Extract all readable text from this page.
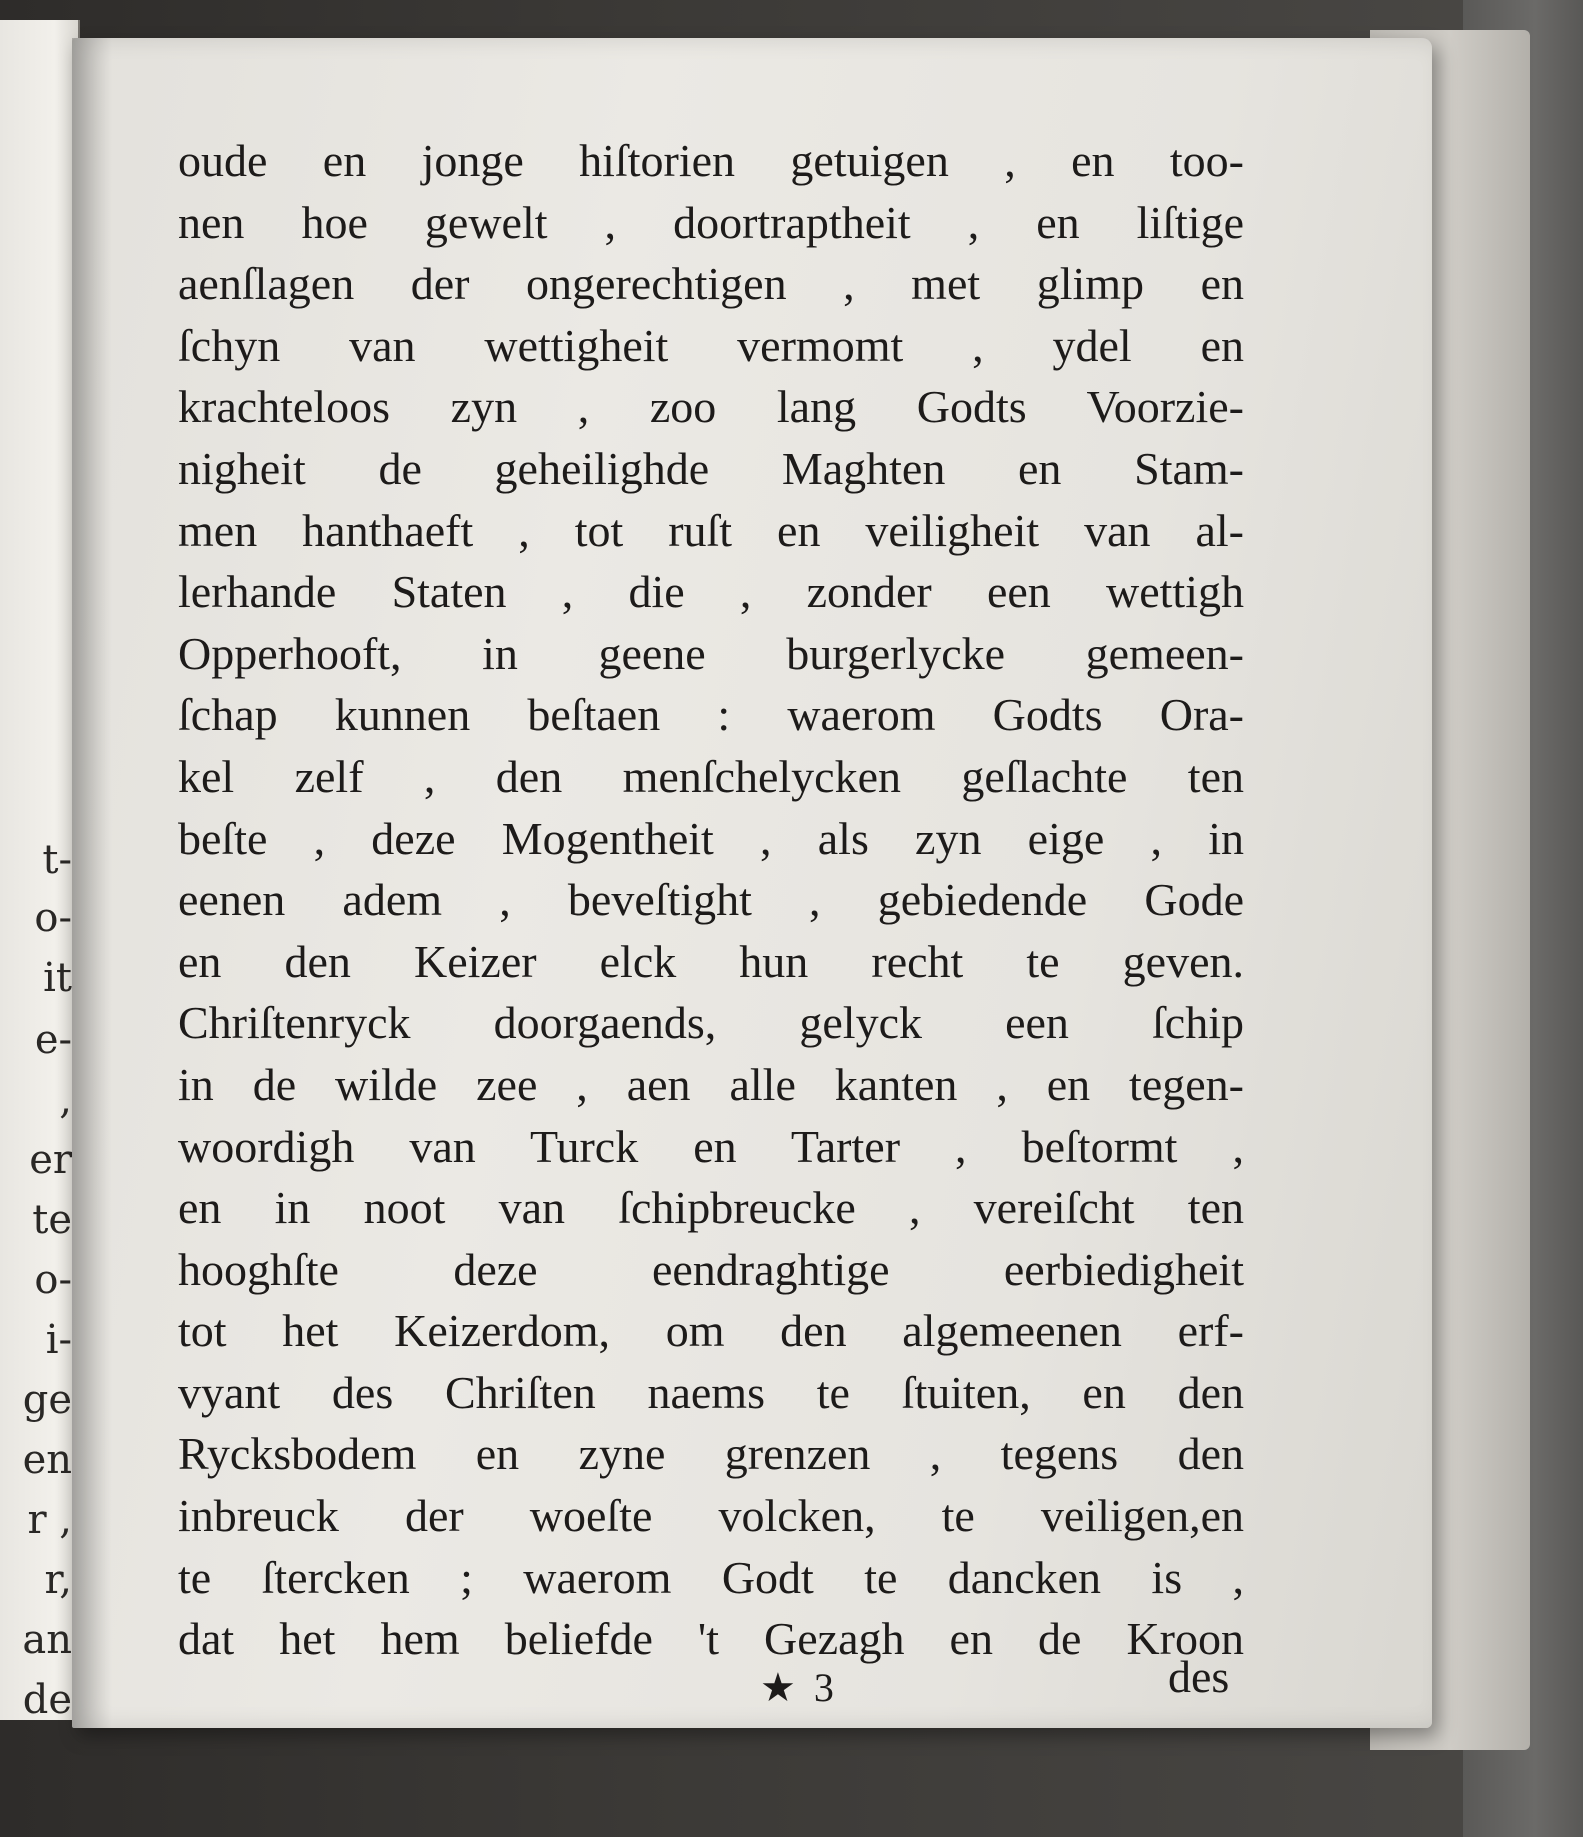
t-
o-
it
e-
,
er
te
o-
i-
ge
en
r ,
r,
an
de
oude en jonge hiſtorien getuigen , en too-
nen hoe gewelt , doortraptheit , en liſtige
aenſlagen der ongerechtigen , met glimp en
ſchyn van wettigheit vermomt , ydel en
krachteloos zyn , zoo lang Godts Voorzie-
nigheit de geheilighde Maghten en Stam-
men hanthaeft , tot ruſt en veiligheit van al-
lerhande Staten , die , zonder een wettigh
Opperhooft, in geene burgerlycke gemeen-
ſchap kunnen beſtaen : waerom Godts Ora-
kel zelf , den menſchelycken geſlachte ten
beſte , deze Mogentheit , als zyn eige , in
eenen adem , beveſtight , gebiedende Gode
en den Keizer elck hun recht te geven.
Chriſtenryck doorgaends, gelyck een ſchip
in de wilde zee , aen alle kanten , en tegen-
woordigh van Turck en Tarter , beſtormt ,
en in noot van ſchipbreucke , vereiſcht ten
hooghſte deze eendraghtige eerbiedigheit
tot het Keizerdom, om den algemeenen erf-
vyant des Chriſten naems te ſtuiten, en den
Rycksbodem en zyne grenzen , tegens den
inbreuck der woeſte volcken, te veiligen,en
te ſtercken ; waerom Godt te dancken is ,
dat het hem beliefde 't Gezagh en de Kroon
des
★ 3
